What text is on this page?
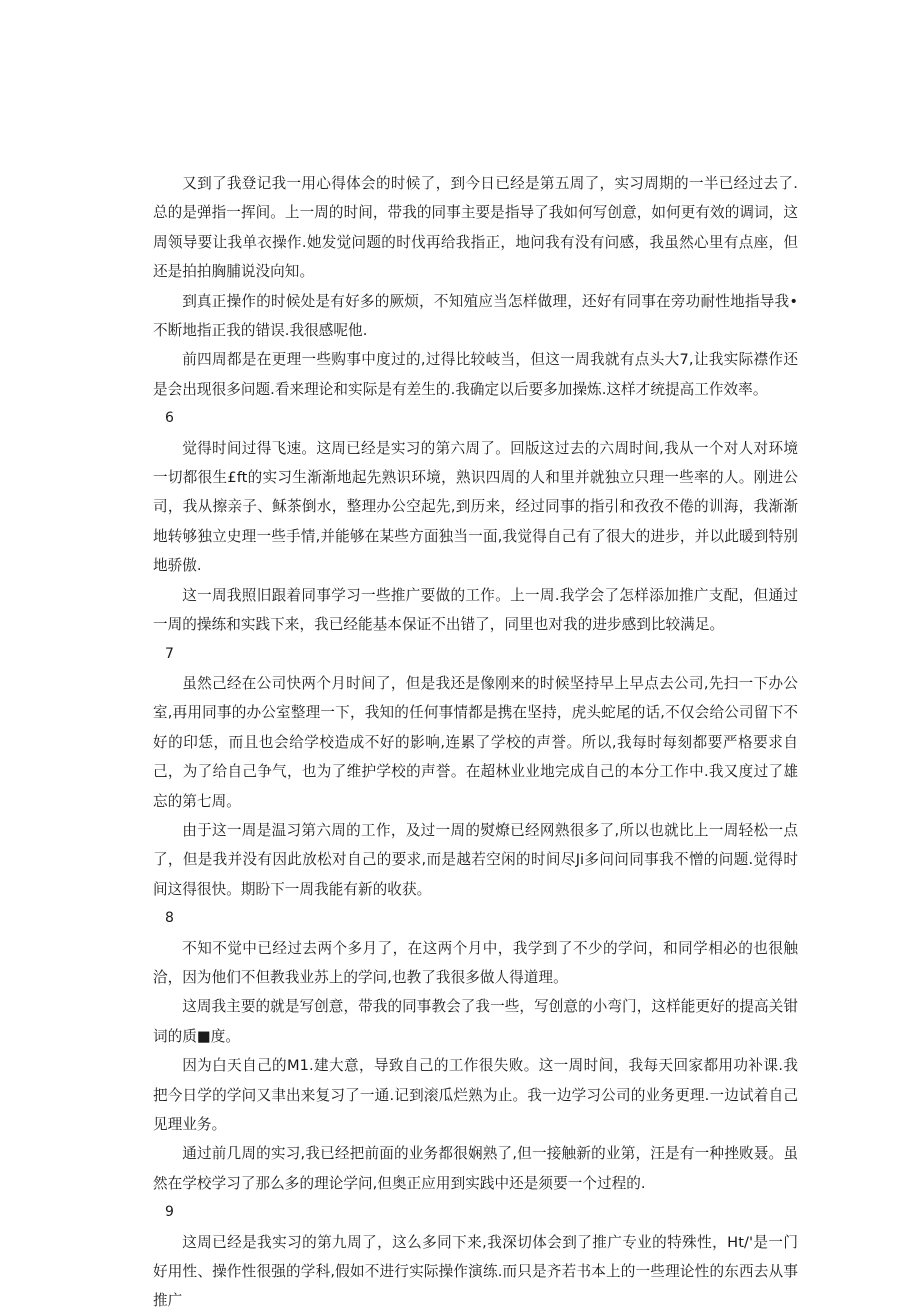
又到了我登记我一用心得体会的时候了，到今日已经是第五周了，实习周期的一半已经过去了.总的是弹指一挥间。上一周的时间，带我的同事主要是指导了我如何写创意，如何更有效的调词，这周领导要让我单衣操作.她发觉问题的时伐再给我指正，地问我有没有问感，我虽然心里有点座，但还是拍拍胸脯说没向知。

到真正操作的时候处是有好多的厥烦，不知殖应当怎样做理，还好有同事在旁功耐性地指导我•不断地指正我的错误.我很感呢他.

前四周都是在更理一些购事中度过的,过得比较岐当，但这一周我就有点头大7,让我实际襟作还是会出现很多问题.看来理论和实际是有差生的.我确定以后要多加操炼.这样才统提高工作效率。

6

觉得时间过得飞速。这周已经是实习的第六周了。回版这过去的六周时间,我从一个对人对环境一切都很生£ft的实习生渐渐地起先熟识环境，熟识四周的人和里并就独立只理一些率的人。刚进公司，我从擦亲子、稣茶倒水，整理办公空起先,到历来，经过同事的指引和孜孜不倦的训海，我渐渐地转够独立史理一些手情,并能够在某些方面独当一面,我觉得自己有了很大的进步，并以此暖到特别地骄傲.

这一周我照旧跟着同事学习一些推广要做的工作。上一周.我学会了怎样添加推广支配，但通过一周的操练和实践下来，我已经能基本保证不出错了，同里也对我的进步感到比较满足。

7

虽然己经在公司快两个月时间了，但是我还是像刚来的时候坚持早上早点去公司,先扫一下办公室,再用同事的办公室整理一下，我知的任何事情都是携在坚持，虎头蛇尾的话,不仅会给公司留下不好的印恁，而且也会给学校造成不好的影响,连累了学校的声誉。所以,我每时每刻都要严格要求自己，为了给自己争气，也为了维护学校的声誉。在超林业业地完成自己的本分工作中.我又度过了雄忘的第七周。

由于这一周是温习第六周的工作，及过一周的熨燎已经网熟很多了,所以也就比上一周轻松一点了，但是我并没有因此放松对自己的要求,而是越若空闲的时间尽Ji多问问同事我不憎的问题.觉得时间这得很快。期盼下一周我能有新的收获。

8

不知不觉中已经过去两个多月了，在这两个月中，我学到了不少的学问，和同学相必的也很触洽，因为他们不但教我业苏上的学问,也教了我很多做人得道理。

这周我主要的就是写创意，带我的同事教会了我一些，写创意的小弯门，这样能更好的提高关钳词的质■度。

因为白天自己的M1.建大意，导致自己的工作很失败。这一周时间，我每天回家都用功补课.我把今日学的学问又聿出来复习了一通.记到滚瓜烂熟为止。我一边学习公司的业务更理.一边试着自己见理业务。

通过前几周的实习,我已经把前面的业务都很娴熟了,但一接触新的业第，汪是有一种挫败聂。虽然在学校学习了那么多的理论学问,但奥正应用到实践中还是须要一个过程的.

9

这周已经是我实习的第九周了，这么多同下来,我深切体会到了推广专业的特殊性，Ht/'是一门好用性、操作性很强的学科,假如不进行实际操作演练.而只是齐若书本上的一些理论性的东西去从事推广
